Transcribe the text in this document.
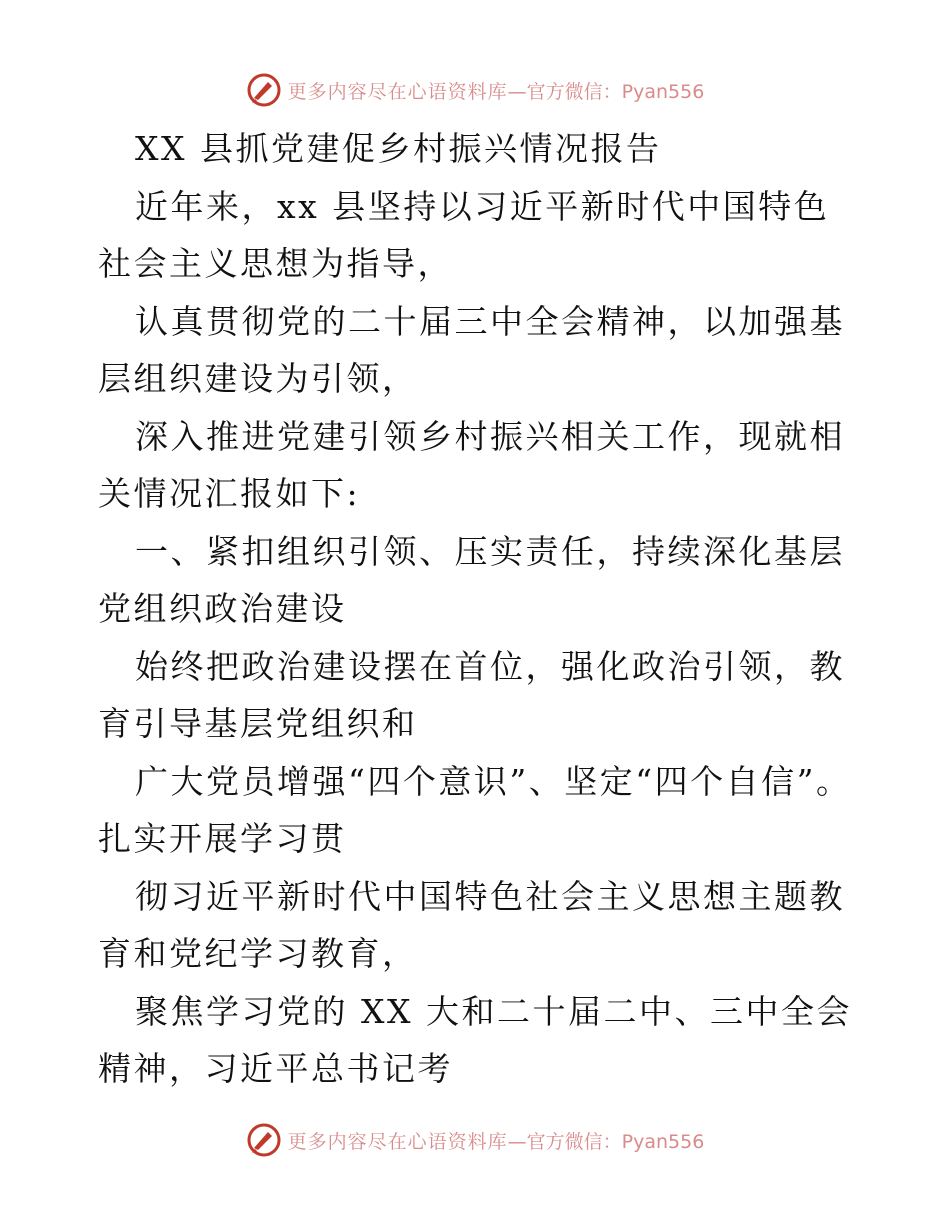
更多内容尽在心语资料库 —官方微信：Pyan556

XX 县抓党建促乡村振兴情况报告

近年来，xx 县坚持以习近平新时代中国特色社会主义思想为指导，

认真贯彻党的二十届三中全会精神，以加强基层组织建设为引领，

深入推进党建引领乡村振兴相关工作，现就相关情况汇报如下:

一、紧扣组织引领、压实责任，持续深化基层党组织政治建设

始终把政治建设摆在首位，强化政治引领，教育引导基层党组织和

广大党员增强“四个意识”、坚定“四个自信”。扎实开展学习贯

彻习近平新时代中国特色社会主义思想主题教育和党纪学习教育，

聚焦学习党的 XX 大和二十届二中、三中全会精神，习近平总书记考

更多内容尽在心语资料库 —官方微信：Pyan556
